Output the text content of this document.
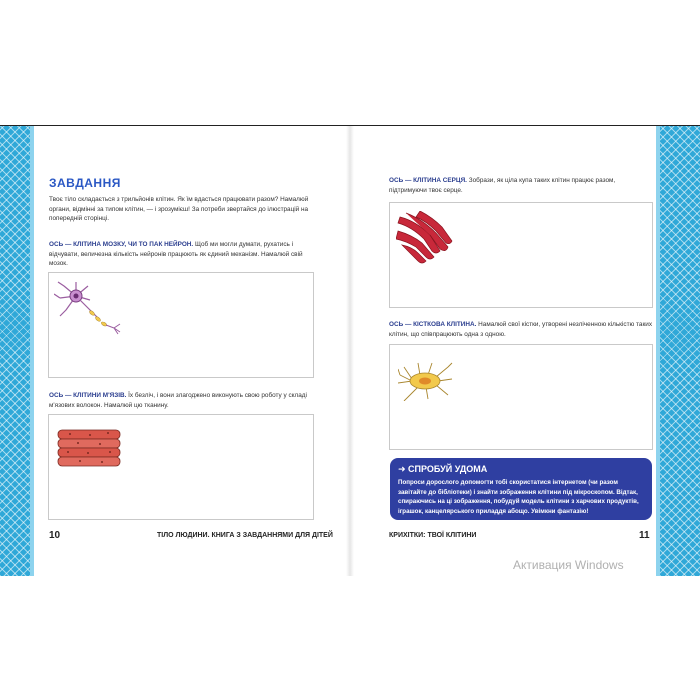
ЗАВДАННЯ
Твоє тіло складається з трильйонів клітин. Як їм вдасться працювати разом? Намалюй органи, відмінні за типом клітин, — і зрозумієш! За потреби звертайся до ілюстрацій на попередній сторінці.
ОСЬ — КЛІТИНА МОЗКУ, ЧИ ТО ПАК НЕЙРОН. Щоб ми могли думати, рухатись і відчувати, величезна кількість нейронів працюють як єдиний механізм. Намалюй свій мозок.
ОСЬ — КЛІТИНИ М'ЯЗІВ. Їх безліч, і вони злагоджено виконують свою роботу у складі м'язових волокон. Намалюй цю тканину.
10	ТІЛО ЛЮДИНИ. КНИГА З ЗАВДАННЯМИ ДЛЯ ДІТЕЙ
ОСЬ — КЛІТИНА СЕРЦЯ. Зобрази, як ціла купа таких клітин працює разом, підтримуючи твоє серце.
ОСЬ — КІСТКОВА КЛІТИНА. Намалюй свої кістки, утворені незліченною кількістю таких клітин, що співпрацюють одна з одною.
➜ СПРОБУЙ УДОМА
Попроси дорослого допомогти тобі скористатися інтернетом (чи разом завітайте до бібліотеки) і знайти зображення клітини під мікроскопом. Відтак, спираючись на ці зображення, побудуй модель клітини з харчових продуктів, іграшок, канцелярського приладдя абощо. Увімкни фантазію!
КРИХІТКИ: ТВОЇ КЛІТИНИ	11
Активация Windows
